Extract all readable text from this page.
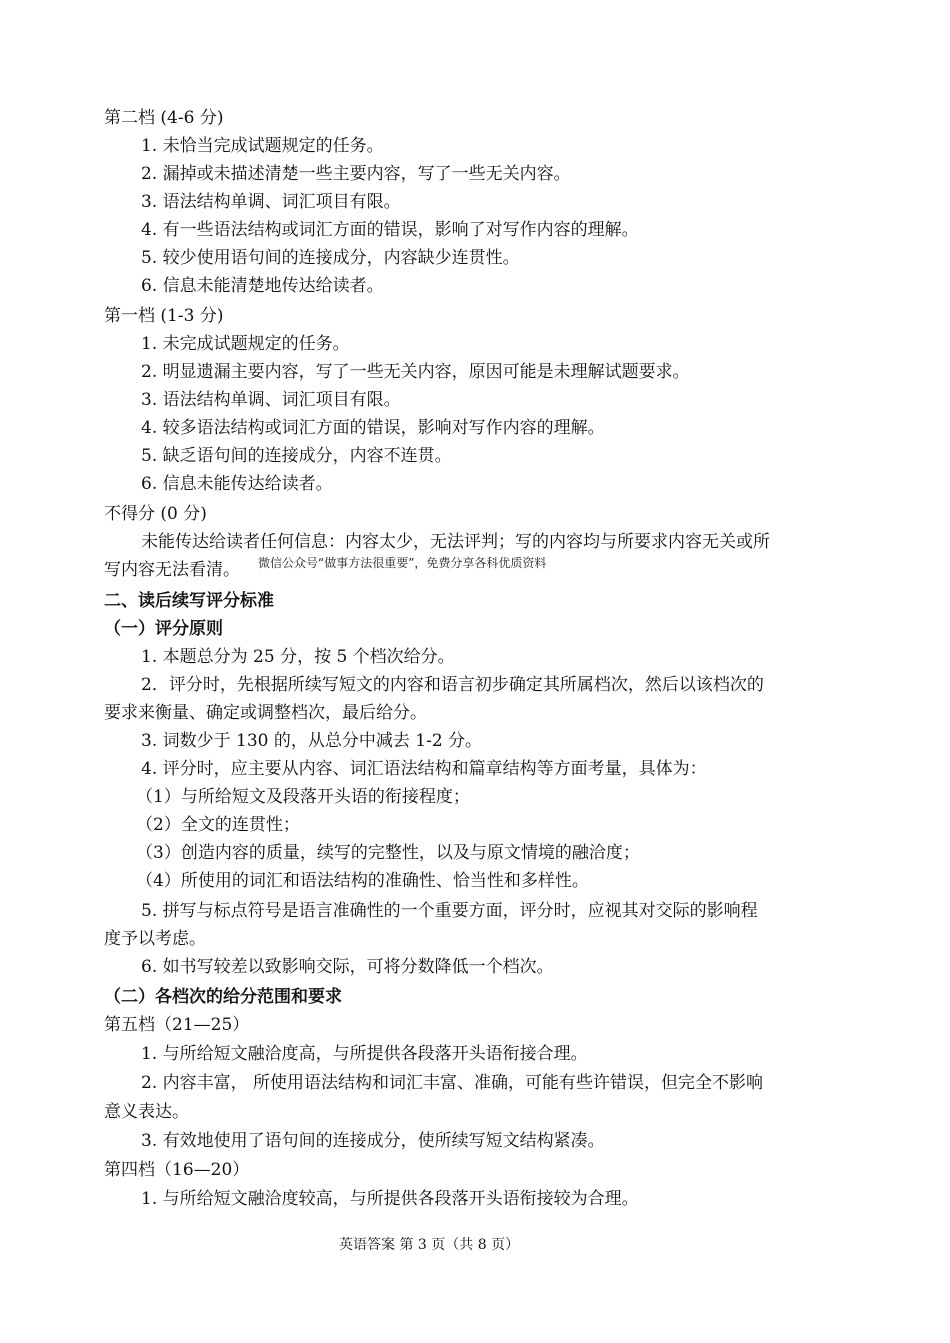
第二档 (4-6 分)
1. 未恰当完成试题规定的任务。
2. 漏掉或未描述清楚一些主要内容，写了一些无关内容。
3. 语法结构单调、词汇项目有限。
4. 有一些语法结构或词汇方面的错误，影响了对写作内容的理解。
5. 较少使用语句间的连接成分，内容缺少连贯性。
6. 信息未能清楚地传达给读者。
第一档 (1-3 分)
1. 未完成试题规定的任务。
2. 明显遗漏主要内容，写了一些无关内容，原因可能是未理解试题要求。
3. 语法结构单调、词汇项目有限。
4. 较多语法结构或词汇方面的错误，影响对写作内容的理解。
5. 缺乏语句间的连接成分，内容不连贯。
6. 信息未能传达给读者。
不得分 (0 分)
未能传达给读者任何信息：内容太少，无法评判；写的内容均与所要求内容无关或所
写内容无法看清。 微信公众号“做事方法很重要”，免费分享各科优质资料
二、读后续写评分标准
（一）评分原则
1. 本题总分为 25 分，按 5 个档次给分。
2．评分时，先根据所续写短文的内容和语言初步确定其所属档次，然后以该档次的
要求来衡量、确定或调整档次，最后给分。
3. 词数少于 130 的，从总分中减去 1-2 分。
4. 评分时，应主要从内容、词汇语法结构和篇章结构等方面考量，具体为：
（1）与所给短文及段落开头语的衔接程度；
（2）全文的连贯性；
（3）创造内容的质量，续写的完整性，以及与原文情境的融洽度；
（4）所使用的词汇和语法结构的准确性、恰当性和多样性。
5. 拼写与标点符号是语言准确性的一个重要方面，评分时，应视其对交际的影响程
度予以考虑。
6. 如书写较差以致影响交际，可将分数降低一个档次。
（二）各档次的给分范围和要求
第五档（21—25）
1. 与所给短文融洽度高，与所提供各段落开头语衔接合理。
2. 内容丰富， 所使用语法结构和词汇丰富、准确，可能有些许错误，但完全不影响
意义表达。
3. 有效地使用了语句间的连接成分，使所续写短文结构紧凑。
第四档（16—20）
1. 与所给短文融洽度较高，与所提供各段落开头语衔接较为合理。
英语答案 第 3 页（共 8 页）
